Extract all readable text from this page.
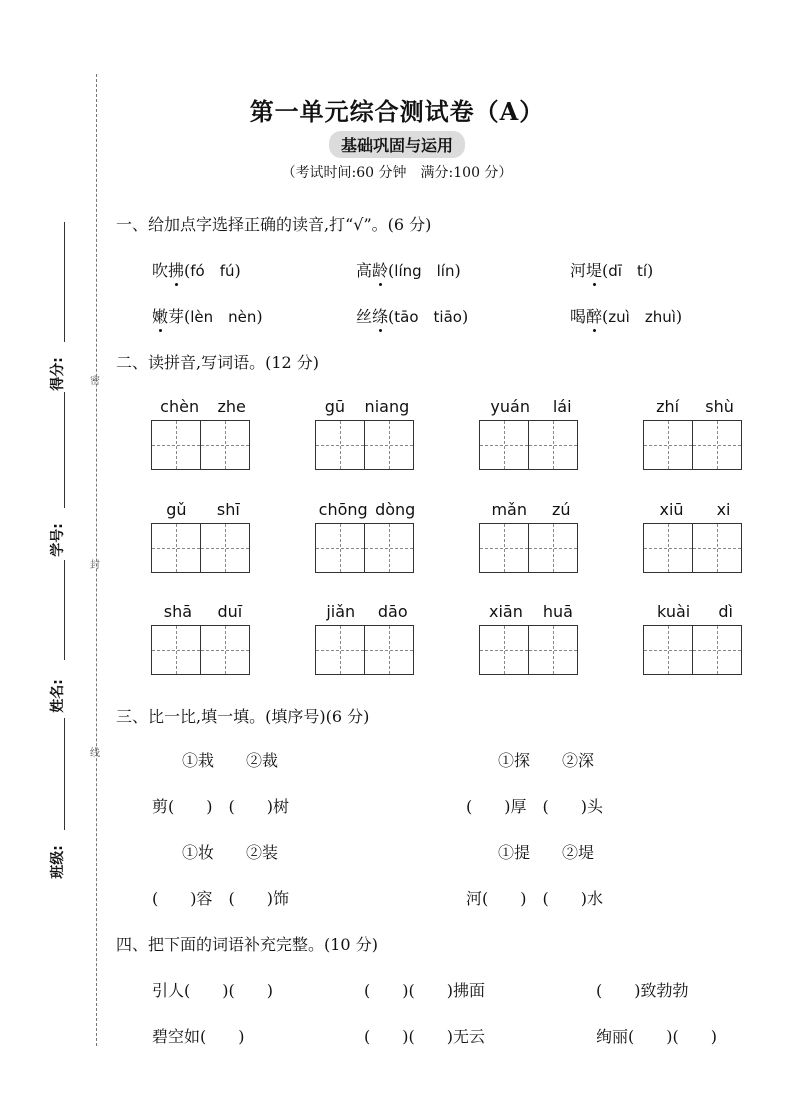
得分:
学号:
姓名:
班级:
密
封
线
第一单元综合测试卷（A）
基础巩固与运用
（考试时间:60 分钟　满分:100 分）
一、给加点字选择正确的读音,打“√”。(6 分)
吹拂(fó　fú)	高龄(líng　lín)	河堤(dī　tí)
嫩芽(lèn　nèn)	丝绦(tāo　tiāo)	喝醉(zuì　zhuì)
二、读拼音,写词语。(12 分)
chèn zhe	gū niang	yuán lái	zhí shù
gǔ shī	chōng dòng	mǎn zú	xiū xi
shā duī	jiǎn dāo	xiān huā	kuài dì
三、比一比,填一填。(填序号)(6 分)
①栽　　②裁	①探　　②深
剪(　　)　(　　)树	(　　)厚　(　　)头
①妆　　②装	①提　　②堤
(　　)容　(　　)饰	河(　　)　(　　)水
四、把下面的词语补充完整。(10 分)
引人(　　)(　　)	(　　)(　　)拂面	(　　)致勃勃
碧空如(　　)	(　　)(　　)无云	绚丽(　　)(　　)
